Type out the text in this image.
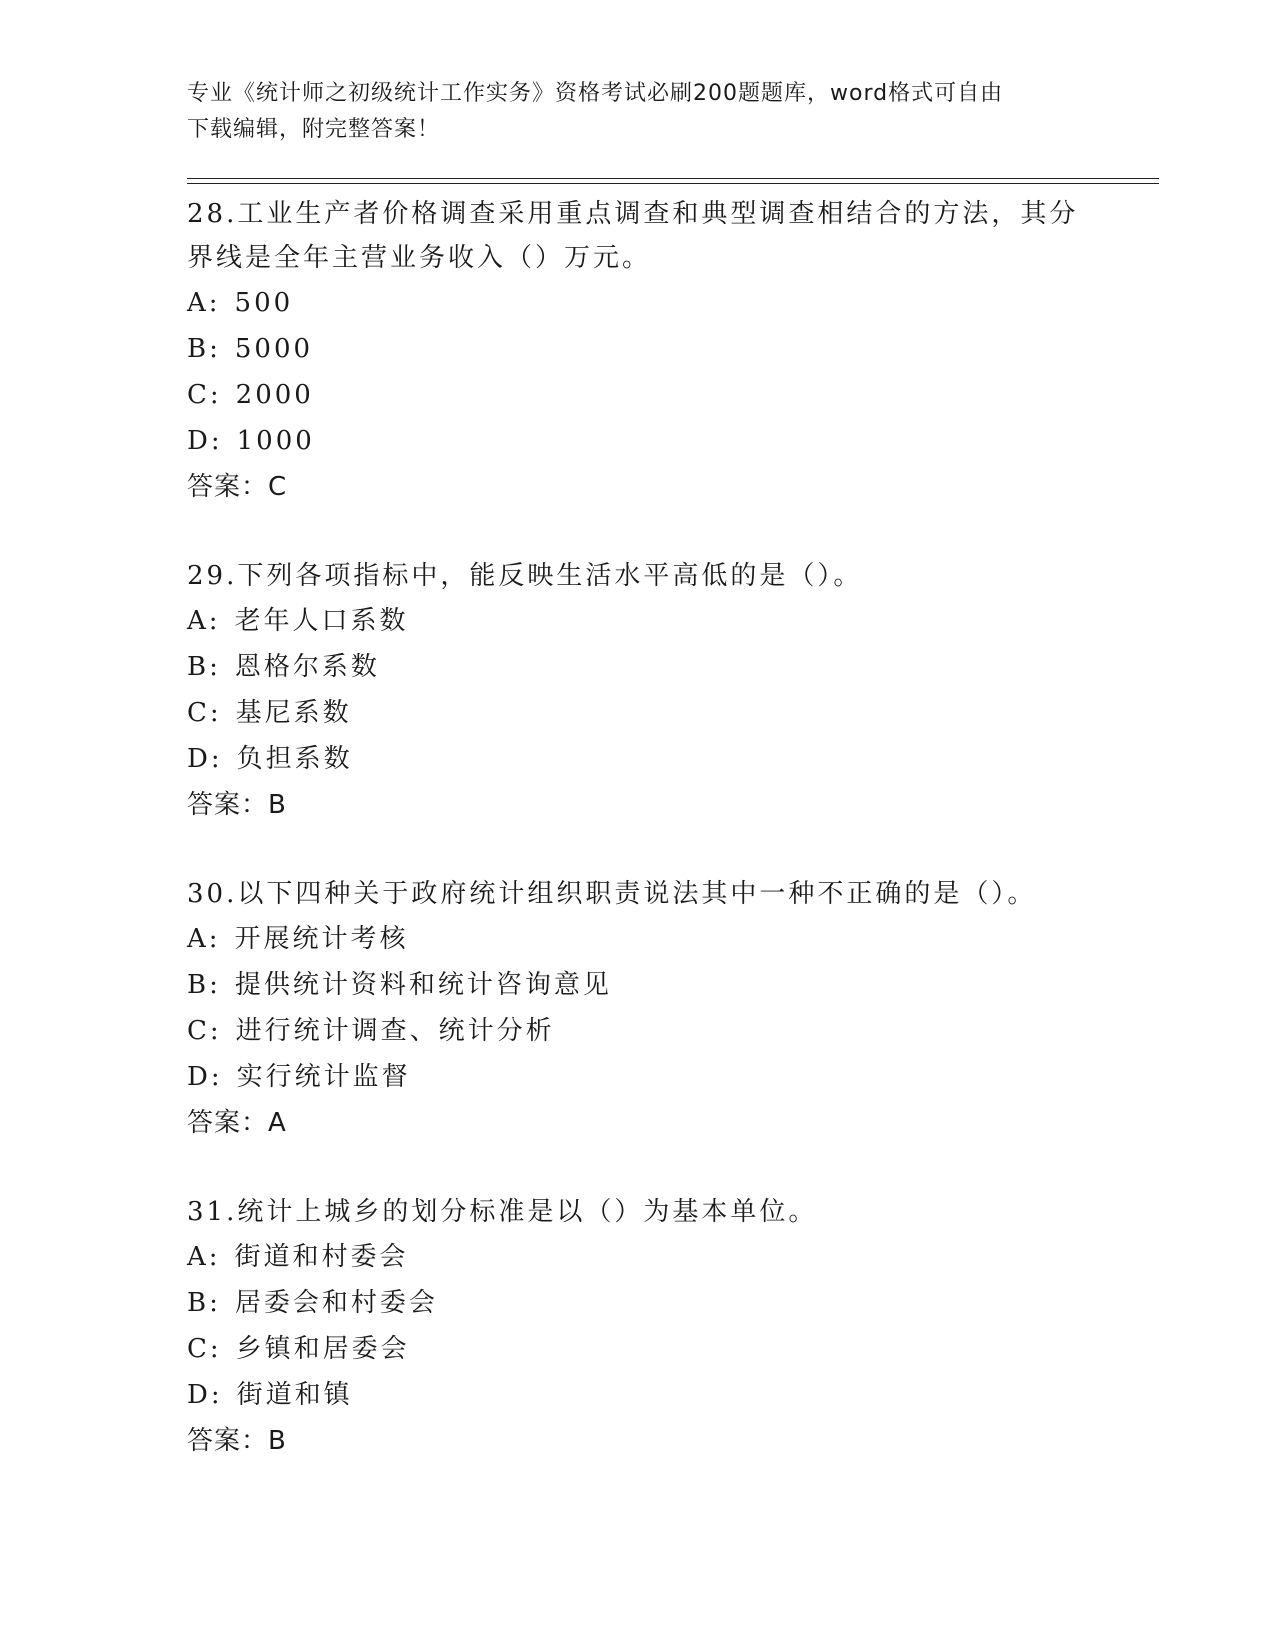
专业《统计师之初级统计工作实务》资格考试必刷200题题库，word格式可自由
下载编辑，附完整答案！

28.工业生产者价格调查采用重点调查和典型调查相结合的方法，其分

界线是全年主营业务收入（）万元。

A: 500

B: 5000

C: 2000

D: 1000

答案：C

29.下列各项指标中，能反映生活水平高低的是（）。

A: 老年人口系数

B: 恩格尔系数

C: 基尼系数

D: 负担系数

答案：B

30.以下四种关于政府统计组织职责说法其中一种不正确的是（）。

A: 开展统计考核

B: 提供统计资料和统计咨询意见

C: 进行统计调查、统计分析

D: 实行统计监督

答案：A

31.统计上城乡的划分标准是以（）为基本单位。

A: 街道和村委会

B: 居委会和村委会

C: 乡镇和居委会

D: 街道和镇

答案：B
